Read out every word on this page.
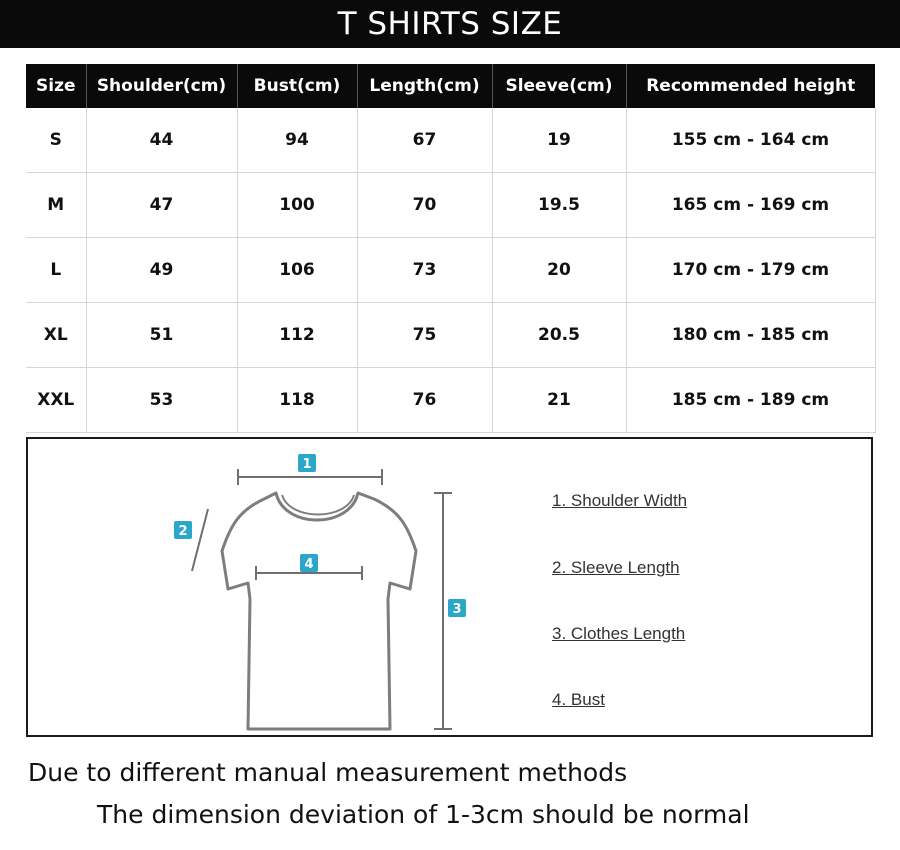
T SHIRTS SIZE
Size	Shoulder(cm)	Bust(cm)	Length(cm)	Sleeve(cm)	Recommended height
S	44	94	67	19	155 cm - 164 cm
M	47	100	70	19.5	165 cm - 169 cm
L	49	106	73	20	170 cm - 179 cm
XL	51	112	75	20.5	180 cm - 185 cm
XXL	53	118	76	21	185 cm - 189 cm
1
2
4
3
1. Shoulder Width
2. Sleeve Length
3. Clothes Length
4. Bust
Due to different manual measurement methods
The dimension deviation of 1-3cm should be normal
